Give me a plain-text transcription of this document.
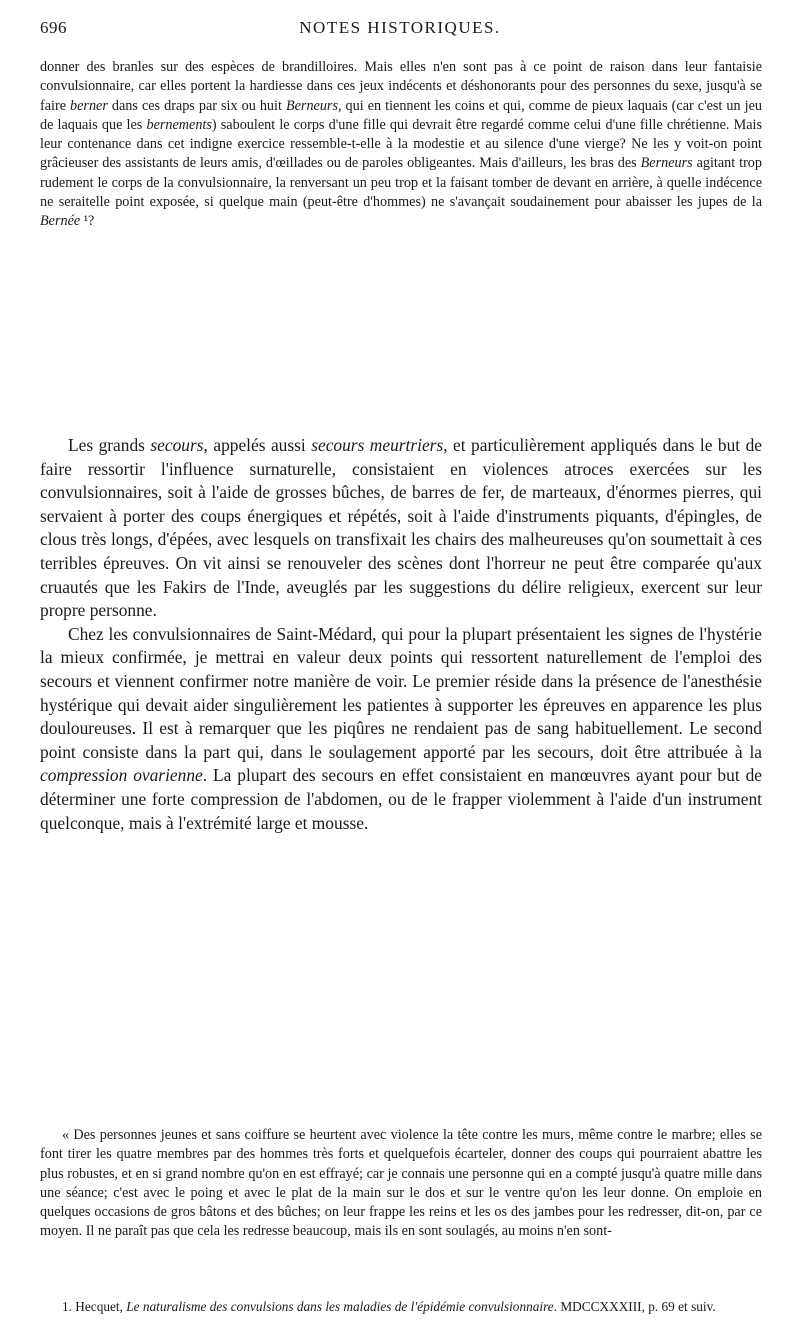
696	NOTES HISTORIQUES.

donner des branles sur des espèces de brandilloires. Mais elles n'en sont pas à ce point de raison dans leur fantaisie convulsionnaire, car elles portent la hardiesse dans ces jeux indécents et déshonorants pour des personnes du sexe, jusqu'à se faire berner dans ces draps par six ou huit Berneurs, qui en tiennent les coins et qui, comme de pieux laquais (car c'est un jeu de laquais que les bernements) saboulent le corps d'une fille qui devrait être regardé comme celui d'une fille chrétienne. Mais leur contenance dans cet indigne exercice ressemble-t-elle à la modestie et au silence d'une vierge? Ne les y voit-on point grâcieuser des assistants de leurs amis, d'œillades ou de paroles obligeantes. Mais d'ailleurs, les bras des Berneurs agitant trop rudement le corps de la convulsionnaire, la renversant un peu trop et la faisant tomber de devant en arrière, à quelle indécence ne seraitelle point exposée, si quelque main (peut-être d'hommes) ne s'avançait soudainement pour abaisser les jupes de la Bernée ¹?

Les grands secours, appelés aussi secours meurtriers, et particulièrement appliqués dans le but de faire ressortir l'influence surnaturelle, consistaient en violences atroces exercées sur les convulsionnaires, soit à l'aide de grosses bûches, de barres de fer, de marteaux, d'énormes pierres, qui servaient à porter des coups énergiques et répétés, soit à l'aide d'instruments piquants, d'épingles, de clous très longs, d'épées, avec lesquels on transfixait les chairs des malheureuses qu'on soumettait à ces terribles épreuves. On vit ainsi se renouveler des scènes dont l'horreur ne peut être comparée qu'aux cruautés que les Fakirs de l'Inde, aveuglés par les suggestions du délire religieux, exercent sur leur propre personne.

Chez les convulsionnaires de Saint-Médard, qui pour la plupart présentaient les signes de l'hystérie la mieux confirmée, je mettrai en valeur deux points qui ressortent naturellement de l'emploi des secours et viennent confirmer notre manière de voir. Le premier réside dans la présence de l'anesthésie hystérique qui devait aider singulièrement les patientes à supporter les épreuves en apparence les plus douloureuses. Il est à remarquer que les piqûres ne rendaient pas de sang habituellement. Le second point consiste dans la part qui, dans le soulagement apporté par les secours, doit être attribuée à la compression ovarienne. La plupart des secours en effet consistaient en manœuvres ayant pour but de déterminer une forte compression de l'abdomen, ou de le frapper violemment à l'aide d'un instrument quelconque, mais à l'extrémité large et mousse.

« Des personnes jeunes et sans coiffure se heurtent avec violence la tête contre les murs, même contre le marbre; elles se font tirer les quatre membres par des hommes très forts et quelquefois écarteler, donner des coups qui pourraient abattre les plus robustes, et en si grand nombre qu'on en est effrayé; car je connais une personne qui en a compté jusqu'à quatre mille dans une séance; c'est avec le poing et avec le plat de la main sur le dos et sur le ventre qu'on les leur donne. On emploie en quelques occasions de gros bâtons et des bûches; on leur frappe les reins et les os des jambes pour les redresser, dit-on, par ce moyen. Il ne paraît pas que cela les redresse beaucoup, mais ils en sont soulagés, au moins n'en sont-

1. Hecquet, Le naturalisme des convulsions dans les maladies de l'épidémie convulsionnaire. MDCCXXXIII, p. 69 et suiv.
